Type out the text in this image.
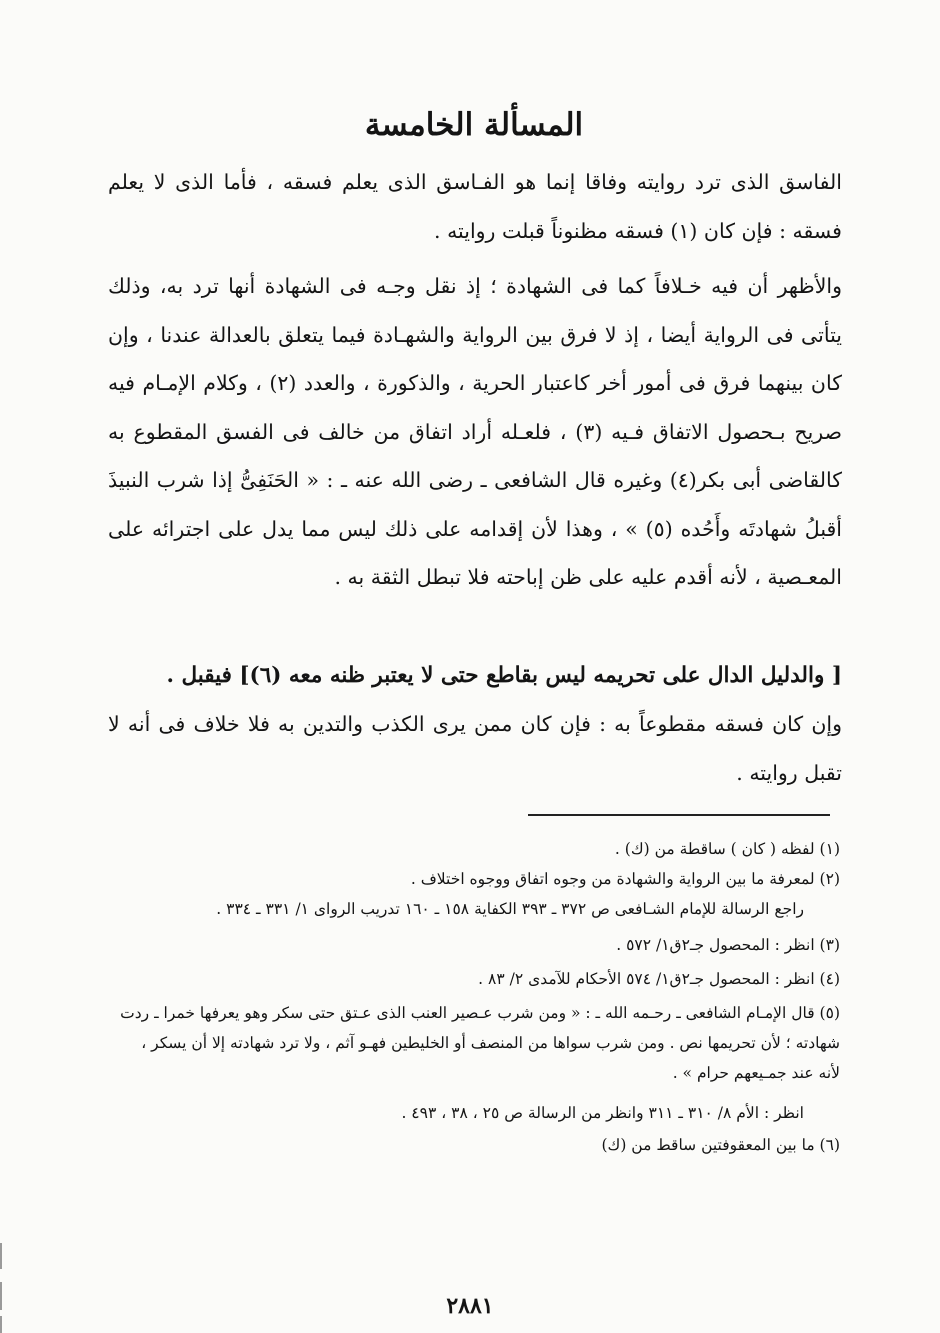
المسألة الخامسة

الفاسق الذى ترد روايته وفاقا إنما هو الفـاسق الذى يعلم فسقه ، فأما الذى لا يعلم فسقه : فإن كان (١) فسقه مظنوناً قبلت روايته .

والأظهر أن فيه خـلافاً كما فى الشهادة ؛ إذ نقل وجـه فى الشهادة أنها ترد به، وذلك يتأتى فى الرواية أيضا ، إذ لا فرق بين الرواية والشهـادة فيما يتعلق بالعدالة عندنا ، وإن كان بينهما فرق فى أمور أخر كاعتبار الحرية ، والذكورة ، والعدد (٢) ، وكلام الإمـام فيه صريح بـحصول الاتفاق فـيه (٣) ، فلعـله أراد اتفاق من خالف فى الفسق المقطوع به كالقاضى أبى بكر(٤) وغيره قال الشافعى ـ رضى الله عنه ـ : « الحَنَفِىُّ إذا شرب النبيذَ أقبلُ شهادتَه وأَحُده (٥) » ، وهذا لأن إقدامه على ذلك ليس مما يدل على اجترائه على المعـصية ، لأنه أقدم عليه على ظن إباحته فلا تبطل الثقة به .

[ والدليل الدال على تحريمه ليس بقاطع حتى لا يعتبر ظنه معه (٦)] فيقبل .

وإن كان فسقه مقطوعاً به : فإن كان ممن يرى الكذب والتدين به فلا خلاف فى أنه لا تقبل روايته .

(١) لفظه ( كان ) ساقطة من (ك) .

(٢) لمعرفة ما بين الرواية والشهادة من وجوه اتفاق ووجوه اختلاف .

راجع الرسالة للإمام الشـافعى ص ٣٧٢ ـ ٣٩٣ الكفاية ١٥٨ ـ ١٦٠ تدريب الرواى ١/ ٣٣١ ـ ٣٣٤ .

(٣) انظر : المحصول جـ٢ق١/ ٥٧٢ .

(٤) انظر : المحصول جـ٢ق١/ ٥٧٤ الأحكام للآمدى ٢/ ٨٣ .

(٥) قال الإمـام الشافعى ـ رحـمه الله ـ : « ومن شرب عـصير العنب الذى عـتق حتى سكر وهو يعرفها خمرا ـ ردت شهادته ؛ لأن تحريمها نص . ومن شرب سواها من المنصف أو الخليطين فهـو آثم ، ولا ترد شهادته إلا أن يسكر ، لأنه عند جمـيعهم حرام » .

انظر : الأم ٨/ ٣١٠ ـ ٣١١ وانظر من الرسالة ص ٢٥ ، ٣٨ ، ٤٩٣ .

(٦) ما بين المعقوفتين ساقط من (ك)

٢٨٨١
